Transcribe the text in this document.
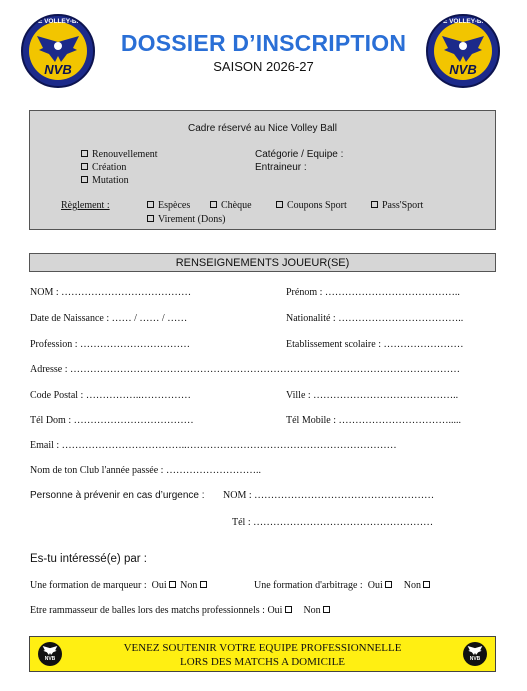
NICE VOLLEY-BALL
NVB
NICE VOLLEY-BALL
NVB
DOSSIER D’INSCRIPTION
SAISON 2026-27
Cadre réservé au Nice Volley Ball
Renouvellement
Création
Mutation
Catégorie / Equipe :
Entraineur :
Règlement :	Espèces	Chèque	Coupons Sport	Pass'Sport
Virement (Dons)
RENSEIGNEMENTS JOUEUR(SE)
NOM : …………………………………	Prénom : …………………………………..
Date de Naissance : …… / …… / ……	Nationalité : ………………………………..
Profession : ……………………………	Etablissement scolaire : ……………………
Adresse : ………………………………………………………………………………………………………
Code Postal : ……………..……………	Ville : ……………………………………..
Tél Dom : ………………………………	Tél Mobile : …………………………….....
Email : ………………………………..………………………………………………………
Nom de ton Club l'année passée : ………………………..
Personne à prévenir en cas d’urgence : NOM : ………………………………………………
Tél : ………………………………………………
Es-tu intéressé(e) par :
Une formation de marqueur : Oui Non	Une formation d'arbitrage : Oui Non
Etre rammasseur de balles lors des matchs professionnels : Oui Non
NVB
VENEZ SOUTENIR VOTRE EQUIPE PROFESSIONNELLE
LORS DES MATCHS A DOMICILE	NVB
